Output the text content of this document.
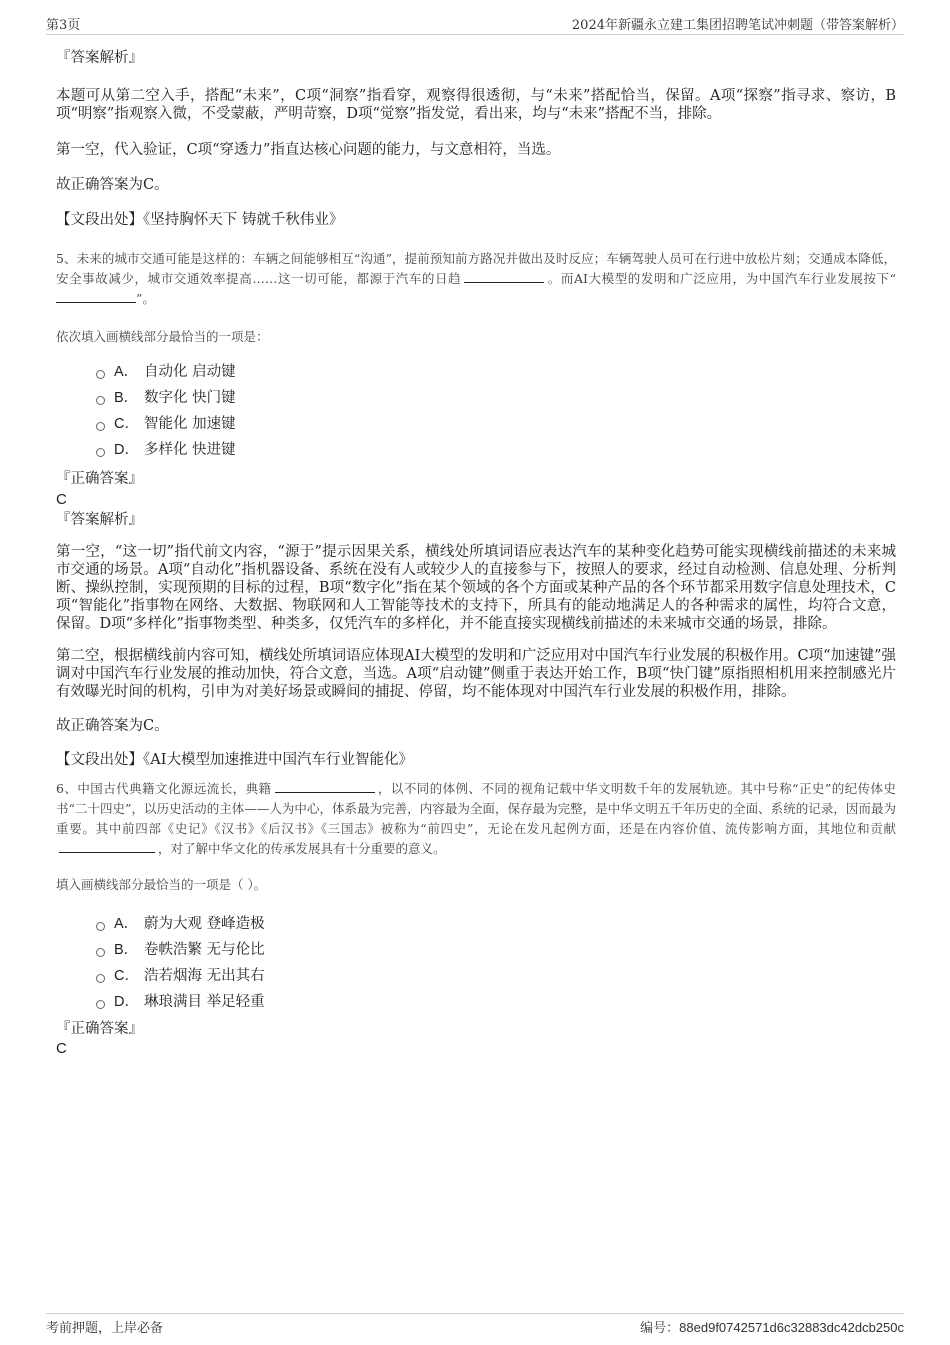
第3页	2024年新疆永立建工集团招聘笔试冲刺题（带答案解析）

『答案解析』

本题可从第二空入手，搭配“未来”，C项“洞察”指看穿，观察得很透彻，与“未来”搭配恰当，保留。A项“探察”指寻求、察访，B项“明察”指观察入微，不受蒙蔽，严明苛察，D项“觉察”指发觉，看出来，均与“未来”搭配不当，排除。

第一空，代入验证，C项“穿透力”指直达核心问题的能力，与文意相符，当选。

故正确答案为C。

【文段出处】《坚持胸怀天下 铸就千秋伟业》

5、未来的城市交通可能是这样的：车辆之间能够相互“沟通”，提前预知前方路况并做出及时反应；车辆驾驶人员可在行进中放松片刻；交通成本降低，安全事故减少，城市交通效率提高……这一切可能，都源于汽车的日趋	。而AI大模型的发明和广泛应用，为中国汽车行业发展按下“”。

依次填入画横线部分最恰当的一项是：

A． 自动化 启动键
B． 数字化 快门键
C． 智能化 加速键
D． 多样化 快进键

『正确答案』

C

『答案解析』

第一空，“这一切”指代前文内容，“源于”提示因果关系，横线处所填词语应表达汽车的某种变化趋势可能实现横线前描述的未来城市交通的场景。A项“自动化”指机器设备、系统在没有人或较少人的直接参与下，按照人的要求，经过自动检测、信息处理、分析判断、操纵控制，实现预期的目标的过程，B项“数字化”指在某个领域的各个方面或某种产品的各个环节都采用数字信息处理技术，C项“智能化”指事物在网络、大数据、物联网和人工智能等技术的支持下，所具有的能动地满足人的各种需求的属性，均符合文意，保留。D项“多样化”指事物类型、种类多，仅凭汽车的多样化，并不能直接实现横线前描述的未来城市交通的场景，排除。

第二空，根据横线前内容可知，横线处所填词语应体现AI大模型的发明和广泛应用对中国汽车行业发展的积极作用。C项“加速键”强调对中国汽车行业发展的推动加快，符合文意，当选。A项“启动键”侧重于表达开始工作，B项“快门键”原指照相机用来控制感光片有效曝光时间的机构，引申为对美好场景或瞬间的捕捉、停留，均不能体现对中国汽车行业发展的积极作用，排除。

故正确答案为C。

【文段出处】《AI大模型加速推进中国汽车行业智能化》

6、中国古代典籍文化源远流长，典籍	，以不同的体例、不同的视角记载中华文明数千年的发展轨迹。其中号称“正史”的纪传体史书“二十四史”，以历史活动的主体——人为中心，体系最为完善，内容最为全面，保存最为完整，是中华文明五千年历史的全面、系统的记录，因而最为重要。其中前四部《史记》《汉书》《后汉书》《三国志》被称为“前四史”，无论在发凡起例方面，还是在内容价值、流传影响方面，其地位和贡献，对了解中华文化的传承发展具有十分重要的意义。

填入画横线部分最恰当的一项是（ ）。

A． 蔚为大观 登峰造极
B． 卷帙浩繁 无与伦比
C． 浩若烟海 无出其右
D． 琳琅满目 举足轻重

『正确答案』

C

考前押题，上岸必备	编号：88ed9f0742571d6c32883dc42dcb250c
